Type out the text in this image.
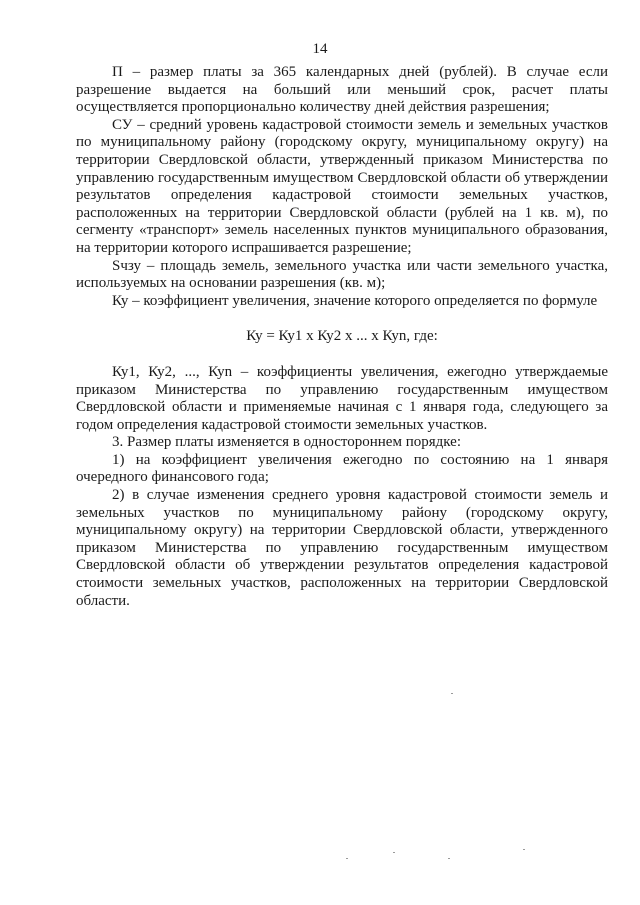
14

П – размер платы за 365 календарных дней (рублей). В случае если разрешение выдается на больший или меньший срок, расчет платы осуществляется пропорционально количеству дней действия разрешения;

СУ – средний уровень кадастровой стоимости земель и земельных участков по муниципальному району (городскому округу, муниципальному округу) на территории Свердловской области, утвержденный приказом Министерства по управлению государственным имуществом Свердловской области об утверждении результатов определения кадастровой стоимости земельных участков, расположенных на территории Свердловской области (рублей на 1 кв. м), по сегменту «транспорт» земель населенных пунктов муниципального образования, на территории которого испрашивается разрешение;

Sчзу – площадь земель, земельного участка или части земельного участка, используемых на основании разрешения (кв. м);

Ку – коэффициент увеличения, значение которого определяется по формуле

Ку = Ку1 x Ку2 x ... x Куn, где:

Ку1, Ку2, ..., Куn – коэффициенты увеличения, ежегодно утверждаемые приказом Министерства по управлению государственным имуществом Свердловской области и применяемые начиная с 1 января года, следующего за годом определения кадастровой стоимости земельных участков.

3. Размер платы изменяется в одностороннем порядке:

1) на коэффициент увеличения ежегодно по состоянию на 1 января очередного финансового года;

2) в случае изменения среднего уровня кадастровой стоимости земель и земельных участков по муниципальному району (городскому округу, муниципальному округу) на территории Свердловской области, утвержденного приказом Министерства по управлению государственным имуществом Свердловской области об утверждении результатов определения кадастровой стоимости земельных участков, расположенных на территории Свердловской области.
